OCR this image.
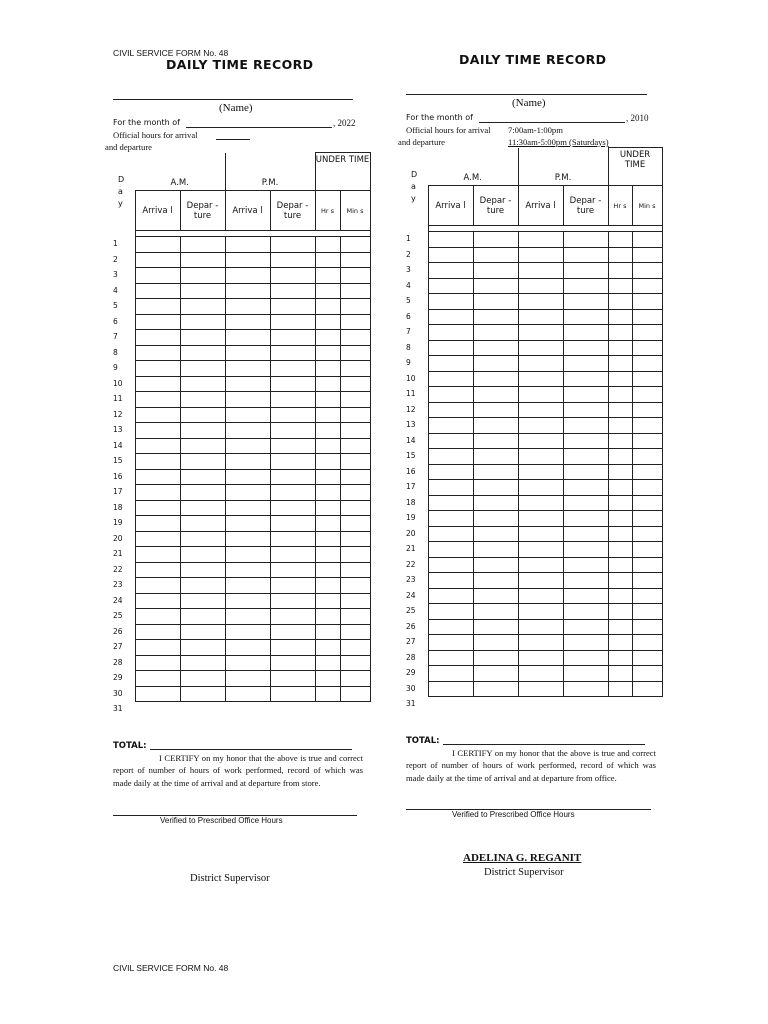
CIVIL SERVICE FORM No. 48
DAILY TIME RECORD
(Name)
For the month of	, 2022
Official hours for arrival
and departure
D a y	A.M.		P.M.		UNDER TIME	
	Arriva l	Depar - ture	Arriva l	Depar -ture	Hr s	Min s

1						
2						
3						
4						
5						
6						
7						
8						
9						
10						
11						
12						
13						
14						
15						
16						
17						
18						
19						
20						
21						
22						
23						
24						
25						
26						
27						
28						
29						
30						
31						
TOTAL:
I CERTIFY on my honor that the above is true and correct report of number of hours of work performed, record of which was made daily at the time of arrival and at departure from store.
Verified to Prescribed Office Hours
District Supervisor
CIVIL SERVICE FORM No. 48
DAILY TIME RECORD
(Name)
For the month of	, 2010
Official hours for arrival 7:00am-1:00pm
and departure	11:30am-5:00pm (Saturdays)
D a y	A.M.		P.M.		UNDER TIME	
	Arriva l	Depar - ture	Arriva l	Depar -ture	Hr s	Min s

1						
2						
3						
4						
5						
6						
7						
8						
9						
10						
11						
12						
13						
14						
15						
16						
17						
18						
19						
20						
21						
22						
23						
24						
25						
26						
27						
28						
29						
30						
31						
TOTAL:
I CERTIFY on my honor that the above is true and correct report of number of hours of work performed, record of which was made daily at the time of arrival and at departure from office.
Verified to Prescribed Office Hours
ADELINA G. REGANIT
District Supervisor
